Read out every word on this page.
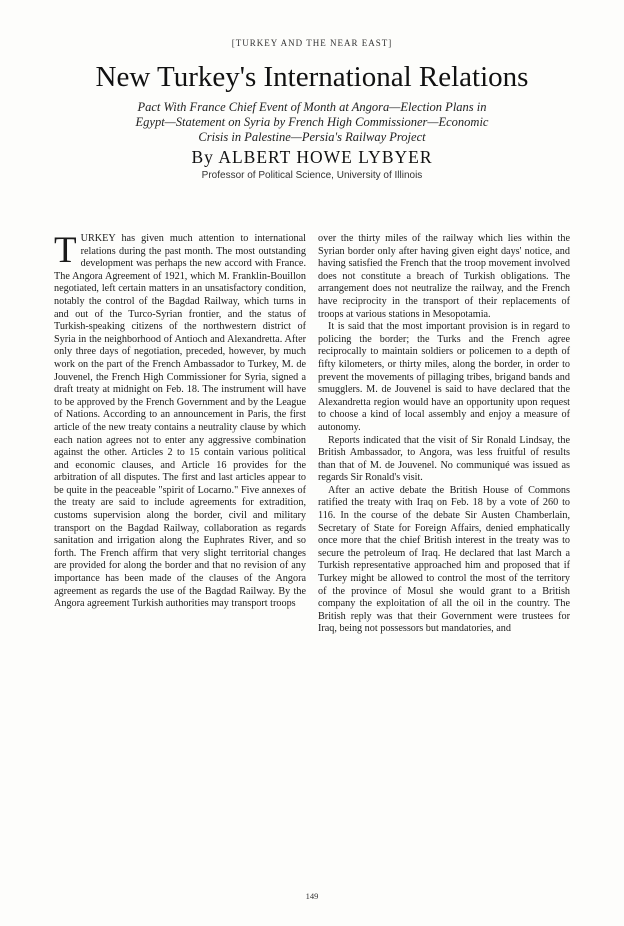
[TURKEY AND THE NEAR EAST]
New Turkey's International Relations
Pact With France Chief Event of Month at Angora—Election Plans in
Egypt—Statement on Syria by French High Commissioner—Economic
Crisis in Palestine—Persia's Railway Project
By ALBERT HOWE LYBYER
Professor of Political Science, University of Illinois

TURKEY has given much attention to international relations during the past month. The most outstanding development was perhaps the new accord with France. The Angora Agreement of 1921, which M. Franklin-Bouillon negotiated, left certain matters in an unsatisfactory condition, notably the control of the Bagdad Railway, which turns in and out of the Turco-Syrian frontier, and the status of Turkish-speaking citizens of the northwestern district of Syria in the neighborhood of Antioch and Alexandretta. After only three days of negotiation, preceded, however, by much work on the part of the French Ambassador to Turkey, M. de Jouvenel, the French High Commissioner for Syria, signed a draft treaty at midnight on Feb. 18. The instrument will have to be approved by the French Government and by the League of Nations. According to an announcement in Paris, the first article of the new treaty contains a neutrality clause by which each nation agrees not to enter any aggressive combination against the other. Articles 2 to 15 contain various political and economic clauses, and Article 16 provides for the arbitration of all disputes. The first and last articles appear to be quite in the peaceable "spirit of Locarno." Five annexes of the treaty are said to include agreements for extradition, customs supervision along the border, civil and military transport on the Bagdad Railway, collaboration as regards sanitation and irrigation along the Euphrates River, and so forth. The French affirm that very slight territorial changes are provided for along the border and that no revision of any importance has been made of the clauses of the Angora agreement as regards the use of the Bagdad Railway. By the Angora agreement Turkish authorities may transport troops

over the thirty miles of the railway which lies within the Syrian border only after having given eight days' notice, and having satisfied the French that the troop movement involved does not constitute a breach of Turkish obligations. The arrangement does not neutralize the railway, and the French have reciprocity in the transport of their replacements of troops at various stations in Mesopotamia.

It is said that the most important provision is in regard to policing the border; the Turks and the French agree reciprocally to maintain soldiers or policemen to a depth of fifty kilometers, or thirty miles, along the border, in order to prevent the movements of pillaging tribes, brigand bands and smugglers. M. de Jouvenel is said to have declared that the Alexandretta region would have an opportunity upon request to choose a kind of local assembly and enjoy a measure of autonomy.

Reports indicated that the visit of Sir Ronald Lindsay, the British Ambassador, to Angora, was less fruitful of results than that of M. de Jouvenel. No communiqué was issued as regards Sir Ronald's visit.

After an active debate the British House of Commons ratified the treaty with Iraq on Feb. 18 by a vote of 260 to 116. In the course of the debate Sir Austen Chamberlain, Secretary of State for Foreign Affairs, denied emphatically once more that the chief British interest in the treaty was to secure the petroleum of Iraq. He declared that last March a Turkish representative approached him and proposed that if Turkey might be allowed to control the most of the territory of the province of Mosul she would grant to a British company the exploitation of all the oil in the country. The British reply was that their Government were trustees for Iraq, being not possessors but mandatories, and

149
